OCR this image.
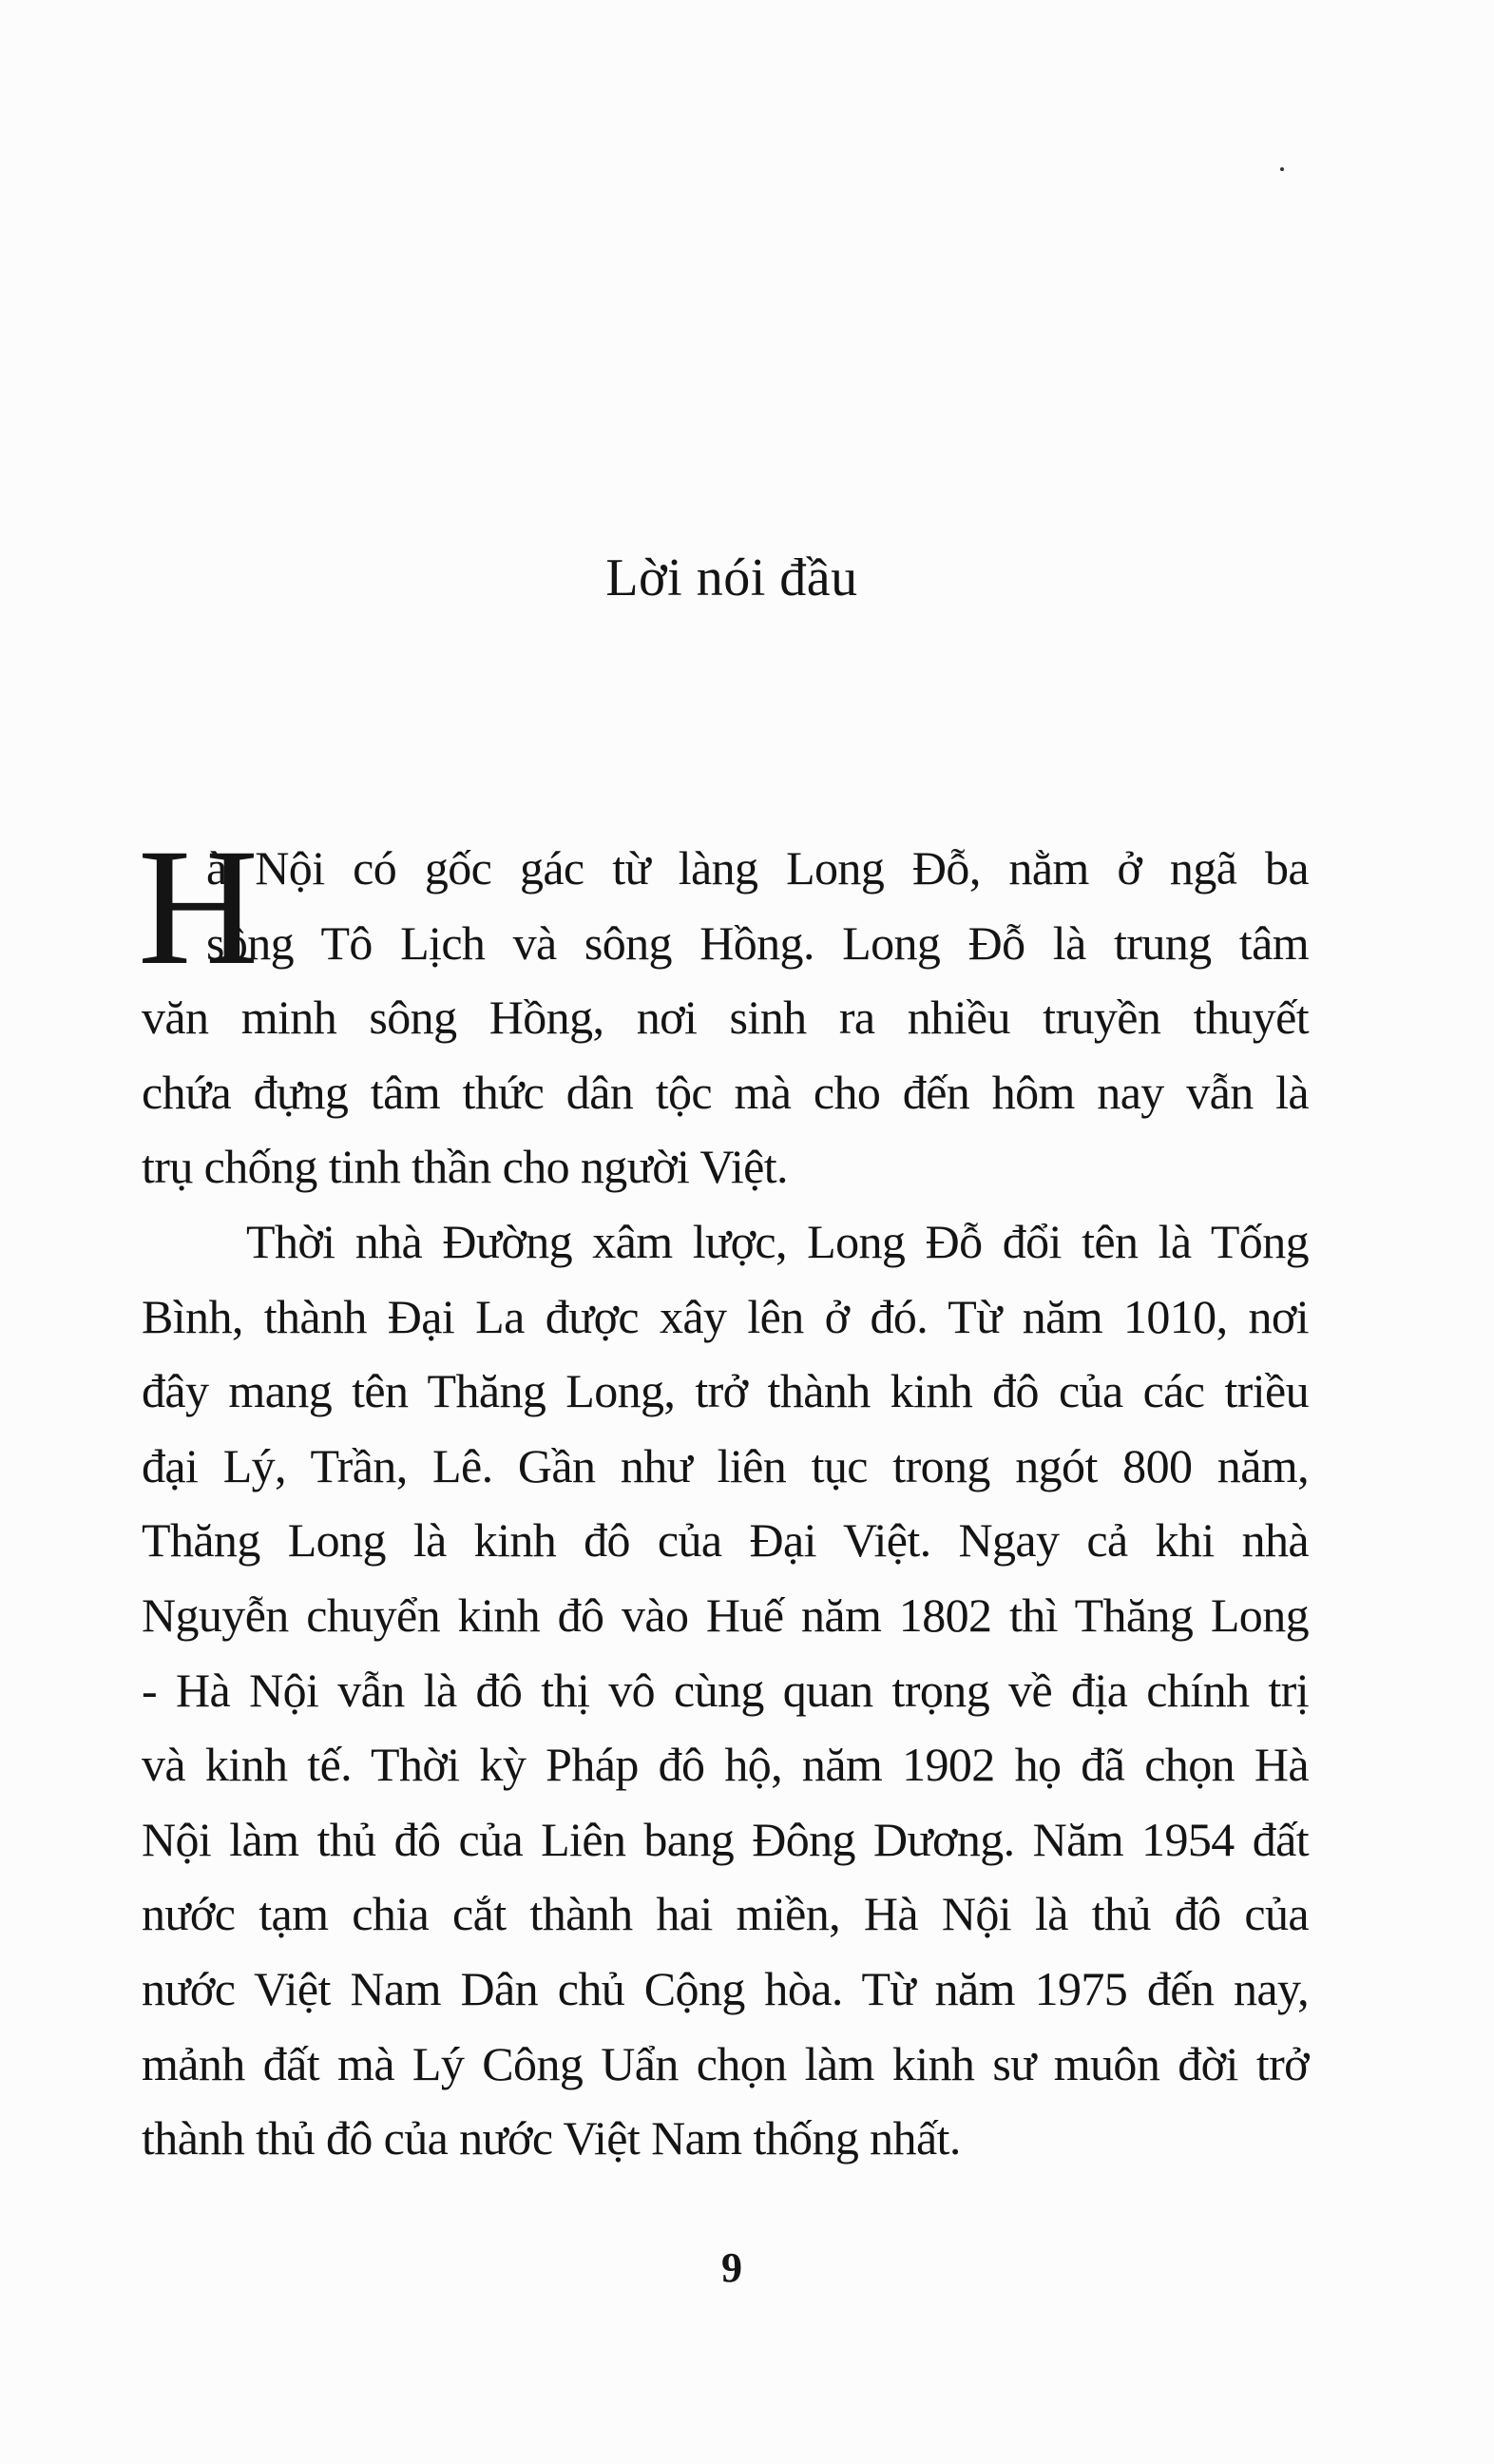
Lời nói đầu
H
à Nội có gốc gác từ làng Long Đỗ, nằm ở ngã ba
sông Tô Lịch và sông Hồng. Long Đỗ là trung tâm
văn minh sông Hồng, nơi sinh ra nhiều truyền thuyết
chứa đựng tâm thức dân tộc mà cho đến hôm nay vẫn là
trụ chống tinh thần cho người Việt.
Thời nhà Đường xâm lược, Long Đỗ đổi tên là Tống
Bình, thành Đại La được xây lên ở đó. Từ năm 1010, nơi
đây mang tên Thăng Long, trở thành kinh đô của các triều
đại Lý, Trần, Lê. Gần như liên tục trong ngót 800 năm,
Thăng Long là kinh đô của Đại Việt. Ngay cả khi nhà
Nguyễn chuyển kinh đô vào Huế năm 1802 thì Thăng Long
- Hà Nội vẫn là đô thị vô cùng quan trọng về địa chính trị
và kinh tế. Thời kỳ Pháp đô hộ, năm 1902 họ đã chọn Hà
Nội làm thủ đô của Liên bang Đông Dương. Năm 1954 đất
nước tạm chia cắt thành hai miền, Hà Nội là thủ đô của
nước Việt Nam Dân chủ Cộng hòa. Từ năm 1975 đến nay,
mảnh đất mà Lý Công Uẩn chọn làm kinh sư muôn đời trở
thành thủ đô của nước Việt Nam thống nhất.
9
